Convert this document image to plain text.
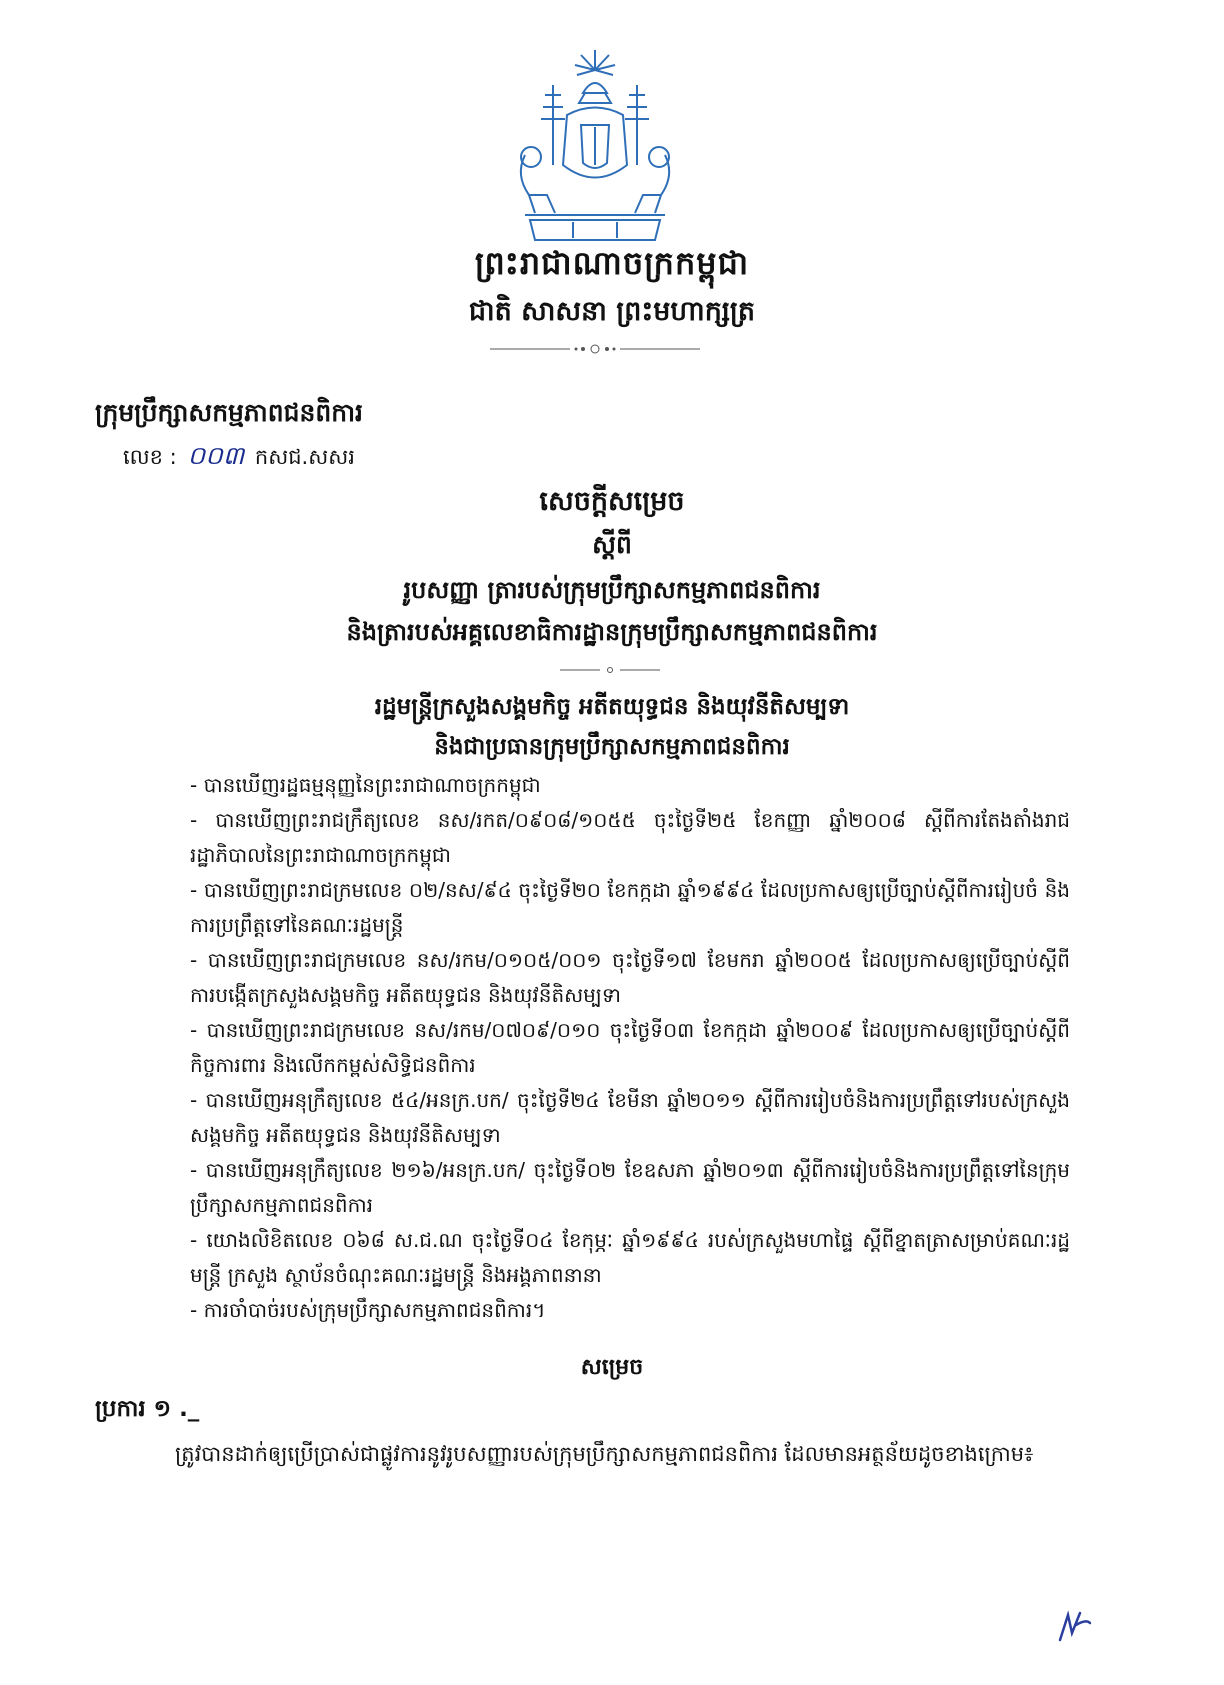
ព្រះរាជាណាចក្រកម្ពុជា
ជាតិ សាសនា ព្រះមហាក្សត្រ
ក្រុមប្រឹក្សាសកម្មភាពជនពិការ
លេខ : ០០៣ កសជ.សសរ
សេចក្តីសម្រេច
ស្តីពី
រូបសញ្ញា ត្រារបស់ក្រុមប្រឹក្សាសកម្មភាពជនពិការ
និងត្រារបស់អគ្គលេខាធិការដ្ឋានក្រុមប្រឹក្សាសកម្មភាពជនពិការ
រដ្ឋមន្ត្រីក្រសួងសង្គមកិច្ច អតីតយុទ្ធជន និងយុវនីតិសម្បទា
និងជាប្រធានក្រុមប្រឹក្សាសកម្មភាពជនពិការ
- បានឃើញរដ្ឋធម្មនុញ្ញនៃព្រះរាជាណាចក្រកម្ពុជា
- បានឃើញព្រះរាជក្រឹត្យលេខ នស/រកត/០៩០៨/១០៥៥ ចុះថ្ងៃទី២៥ ខែកញ្ញា ឆ្នាំ២០០៨ ស្តីពីការតែងតាំងរាជរដ្ឋាភិបាលនៃព្រះរាជាណាចក្រកម្ពុជា
- បានឃើញព្រះរាជក្រមលេខ ០២/នស/៩៤ ចុះថ្ងៃទី២០ ខែកក្កដា ឆ្នាំ១៩៩៤ ដែលប្រកាសឲ្យប្រើច្បាប់ស្តីពីការរៀបចំ និងការប្រព្រឹត្តទៅនៃគណៈរដ្ឋមន្ត្រី
- បានឃើញព្រះរាជក្រមលេខ នស/រកម/០១០៥/០០១ ចុះថ្ងៃទី១៧ ខែមករា ឆ្នាំ២០០៥ ដែលប្រកាសឲ្យប្រើច្បាប់ស្តីពីការបង្កើតក្រសួងសង្គមកិច្ច អតីតយុទ្ធជន និងយុវនីតិសម្បទា
- បានឃើញព្រះរាជក្រមលេខ នស/រកម/០៧០៩/០១០ ចុះថ្ងៃទី០៣ ខែកក្កដា ឆ្នាំ២០០៩ ដែលប្រកាសឲ្យប្រើច្បាប់ស្តីពីកិច្ចការពារ និងលើកកម្ពស់សិទ្ធិជនពិការ
- បានឃើញអនុក្រឹត្យលេខ ៥៤/អនក្រ.បក/ ចុះថ្ងៃទី២៤ ខែមីនា ឆ្នាំ២០១១ ស្តីពីការរៀបចំនិងការប្រព្រឹត្តទៅរបស់ក្រសួងសង្គមកិច្ច អតីតយុទ្ធជន និងយុវនីតិសម្បទា
- បានឃើញអនុក្រឹត្យលេខ ២១៦/អនក្រ.បក/ ចុះថ្ងៃទី០២ ខែឧសភា ឆ្នាំ២០១៣ ស្តីពីការរៀបចំនិងការប្រព្រឹត្តទៅនៃក្រុមប្រឹក្សាសកម្មភាពជនពិការ
- យោងលិខិតលេខ ០៦៨ ស.ជ.ណ ចុះថ្ងៃទី០៤ ខែកុម្ភៈ ឆ្នាំ១៩៩៤ របស់ក្រសួងមហាផ្ទៃ ស្តីពីខ្នាតត្រាសម្រាប់គណៈរដ្ឋមន្ត្រី ក្រសួង ស្ថាប័នចំណុះគណៈរដ្ឋមន្ត្រី និងអង្គភាពនានា
- ការចាំបាច់របស់ក្រុមប្រឹក្សាសកម្មភាពជនពិការ។
សម្រេច
ប្រការ ១ ._
ត្រូវបានដាក់ឲ្យប្រើប្រាស់ជាផ្លូវការនូវរូបសញ្ញារបស់ក្រុមប្រឹក្សាសកម្មភាពជនពិការ ដែលមានអត្ថន័យដូចខាងក្រោម៖
